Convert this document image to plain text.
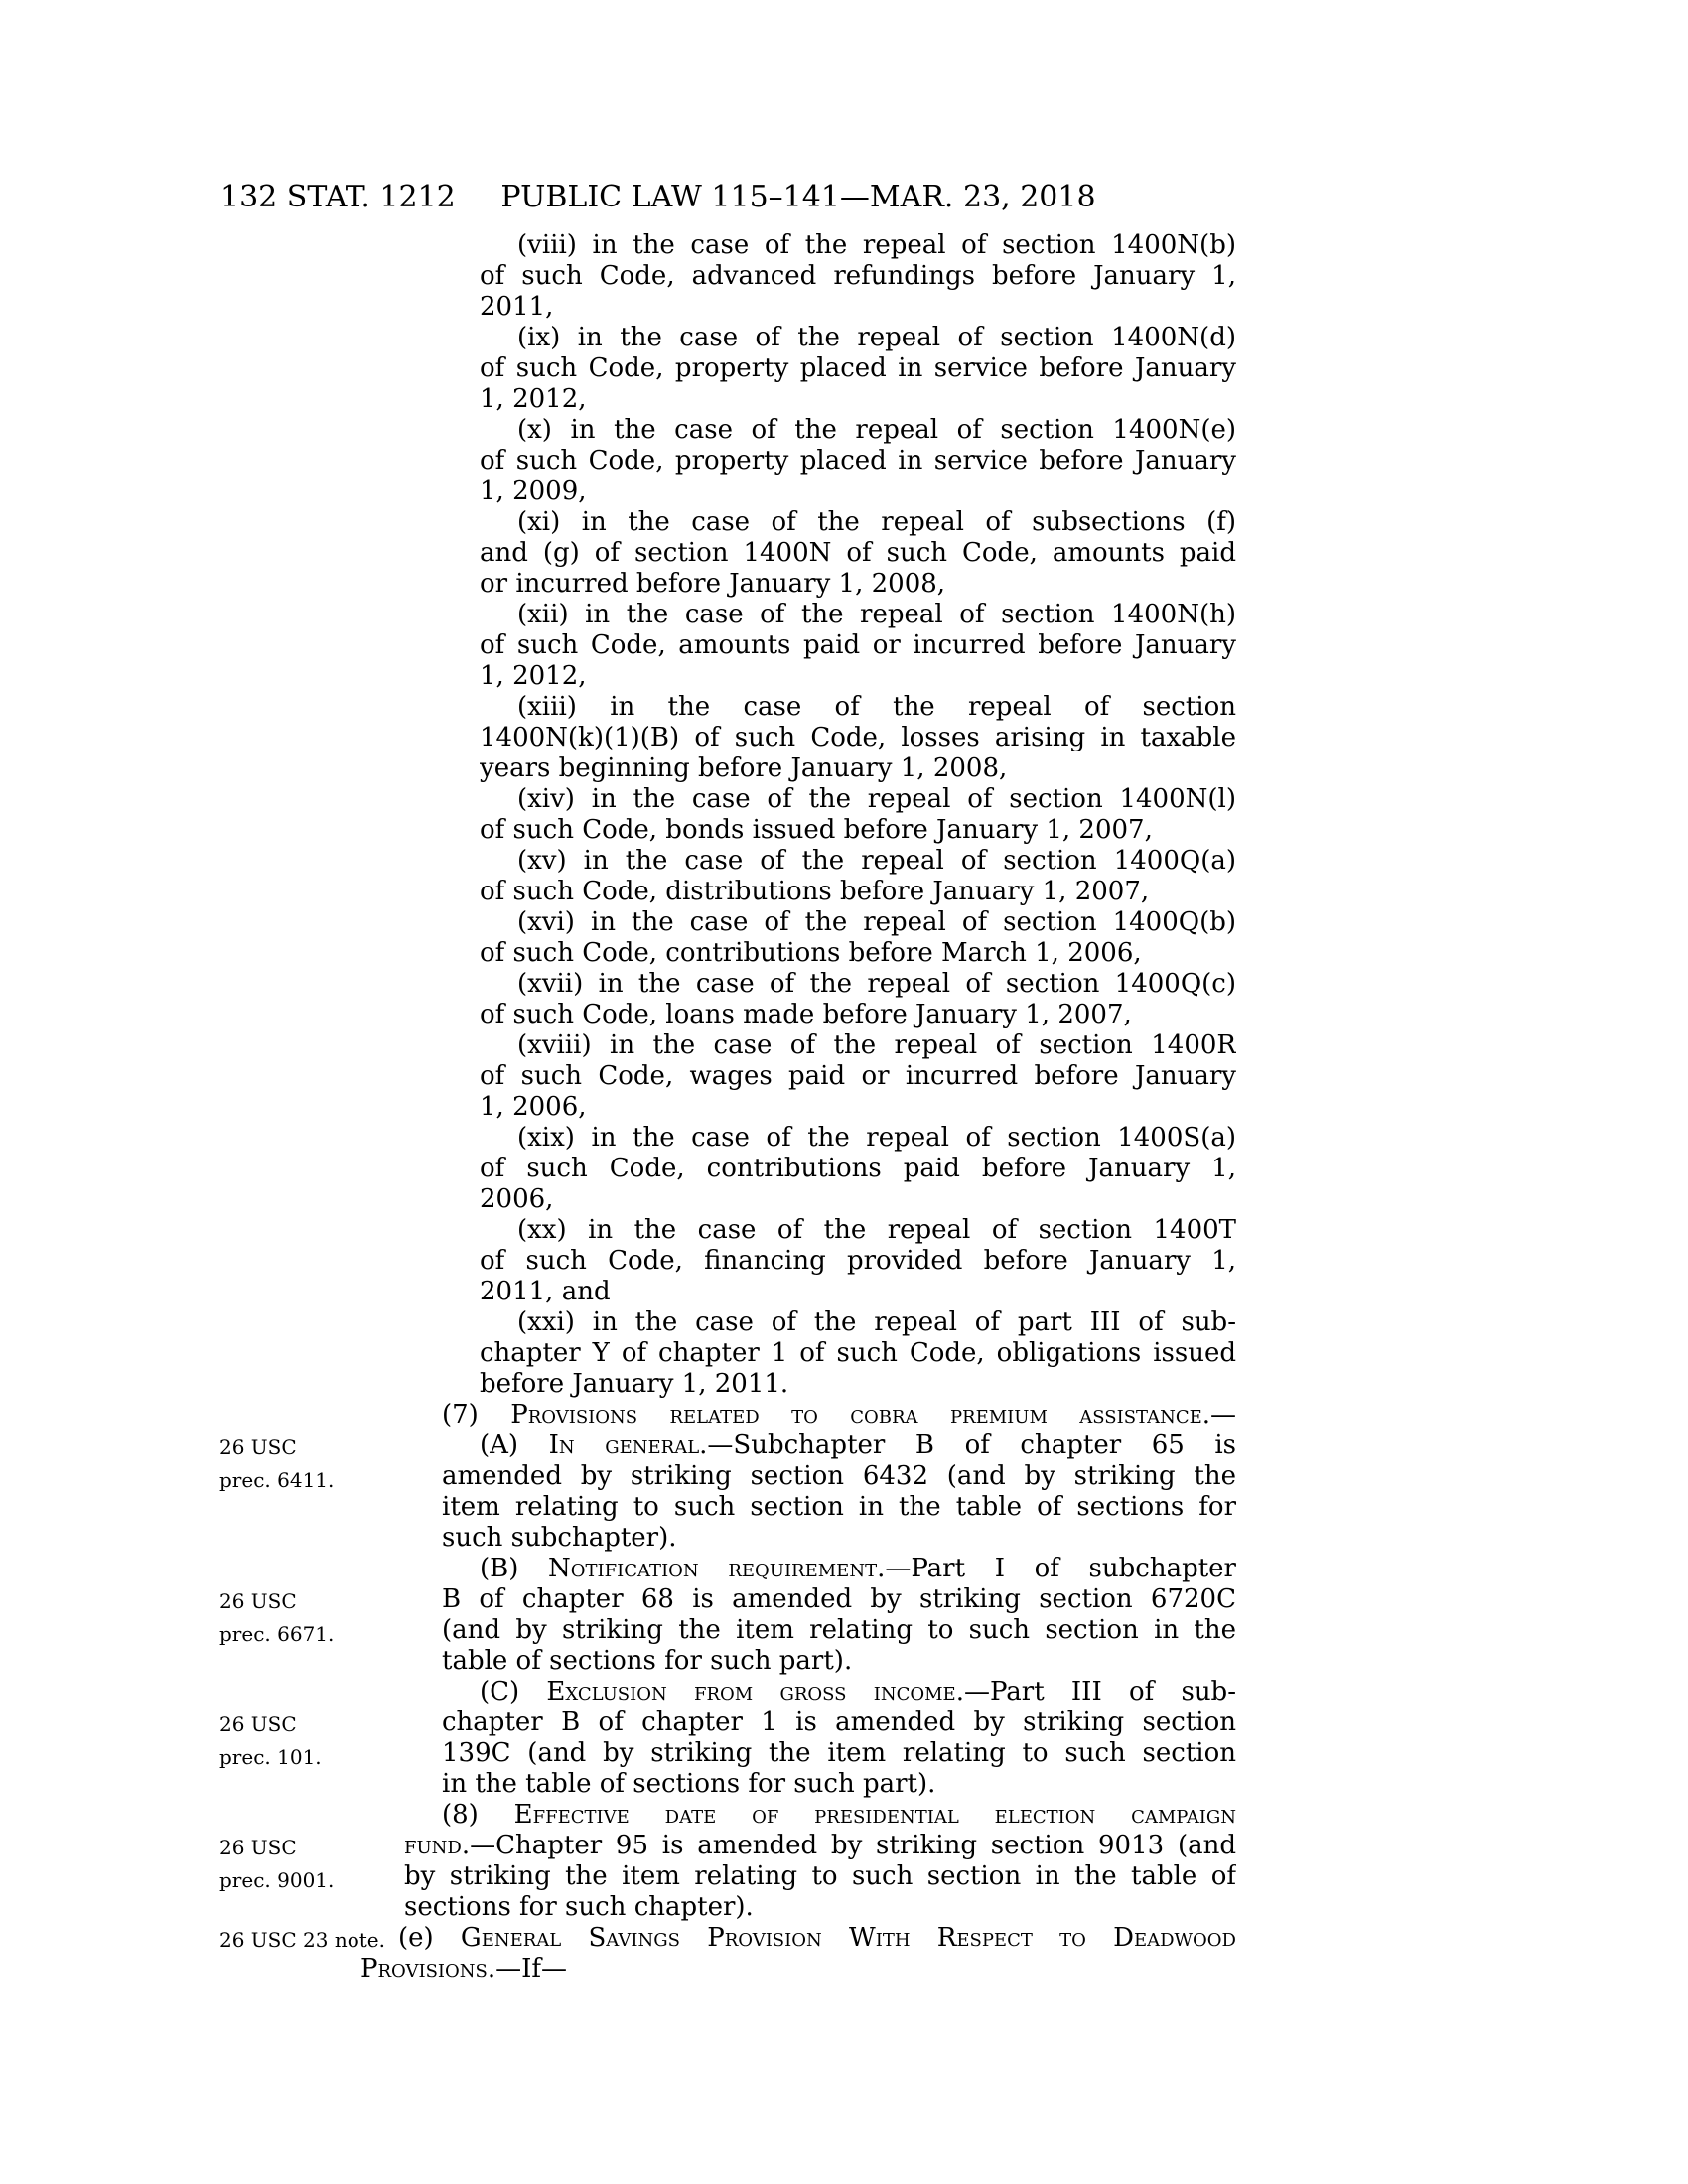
132 STAT. 1212	PUBLIC LAW 115–141—MAR. 23, 2018
26 USC
prec. 6411.
26 USC
prec. 6671.
26 USC
prec. 101.
26 USC
prec. 9001.
26 USC 23 note.
(viii) in the case of the repeal of section 1400N(b)
of such Code, advanced refundings before January 1,
2011,
(ix) in the case of the repeal of section 1400N(d)
of such Code, property placed in service before January
1, 2012,
(x) in the case of the repeal of section 1400N(e)
of such Code, property placed in service before January
1, 2009,
(xi) in the case of the repeal of subsections (f)
and (g) of section 1400N of such Code, amounts paid
or incurred before January 1, 2008,
(xii) in the case of the repeal of section 1400N(h)
of such Code, amounts paid or incurred before January
1, 2012,
(xiii) in the case of the repeal of section
1400N(k)(1)(B) of such Code, losses arising in taxable
years beginning before January 1, 2008,
(xiv) in the case of the repeal of section 1400N(l)
of such Code, bonds issued before January 1, 2007,
(xv) in the case of the repeal of section 1400Q(a)
of such Code, distributions before January 1, 2007,
(xvi) in the case of the repeal of section 1400Q(b)
of such Code, contributions before March 1, 2006,
(xvii) in the case of the repeal of section 1400Q(c)
of such Code, loans made before January 1, 2007,
(xviii) in the case of the repeal of section 1400R
of such Code, wages paid or incurred before January
1, 2006,
(xix) in the case of the repeal of section 1400S(a)
of such Code, contributions paid before January 1,
2006,
(xx) in the case of the repeal of section 1400T
of such Code, financing provided before January 1,
2011, and
(xxi) in the case of the repeal of part III of sub-
chapter Y of chapter 1 of such Code, obligations issued
before January 1, 2011.
(7) Provisions related to cobra premium assistance.—
(A) In general.—Subchapter B of chapter 65 is
amended by striking section 6432 (and by striking the
item relating to such section in the table of sections for
such subchapter).
(B) Notification requirement.—Part I of subchapter
B of chapter 68 is amended by striking section 6720C
(and by striking the item relating to such section in the
table of sections for such part).
(C) Exclusion from gross income.—Part III of sub-
chapter B of chapter 1 is amended by striking section
139C (and by striking the item relating to such section
in the table of sections for such part).
(8) Effective date of presidential election campaign
fund.—Chapter 95 is amended by striking section 9013 (and
by striking the item relating to such section in the table of
sections for such chapter).
(e) General Savings Provision With Respect to Deadwood
Provisions.—If—
